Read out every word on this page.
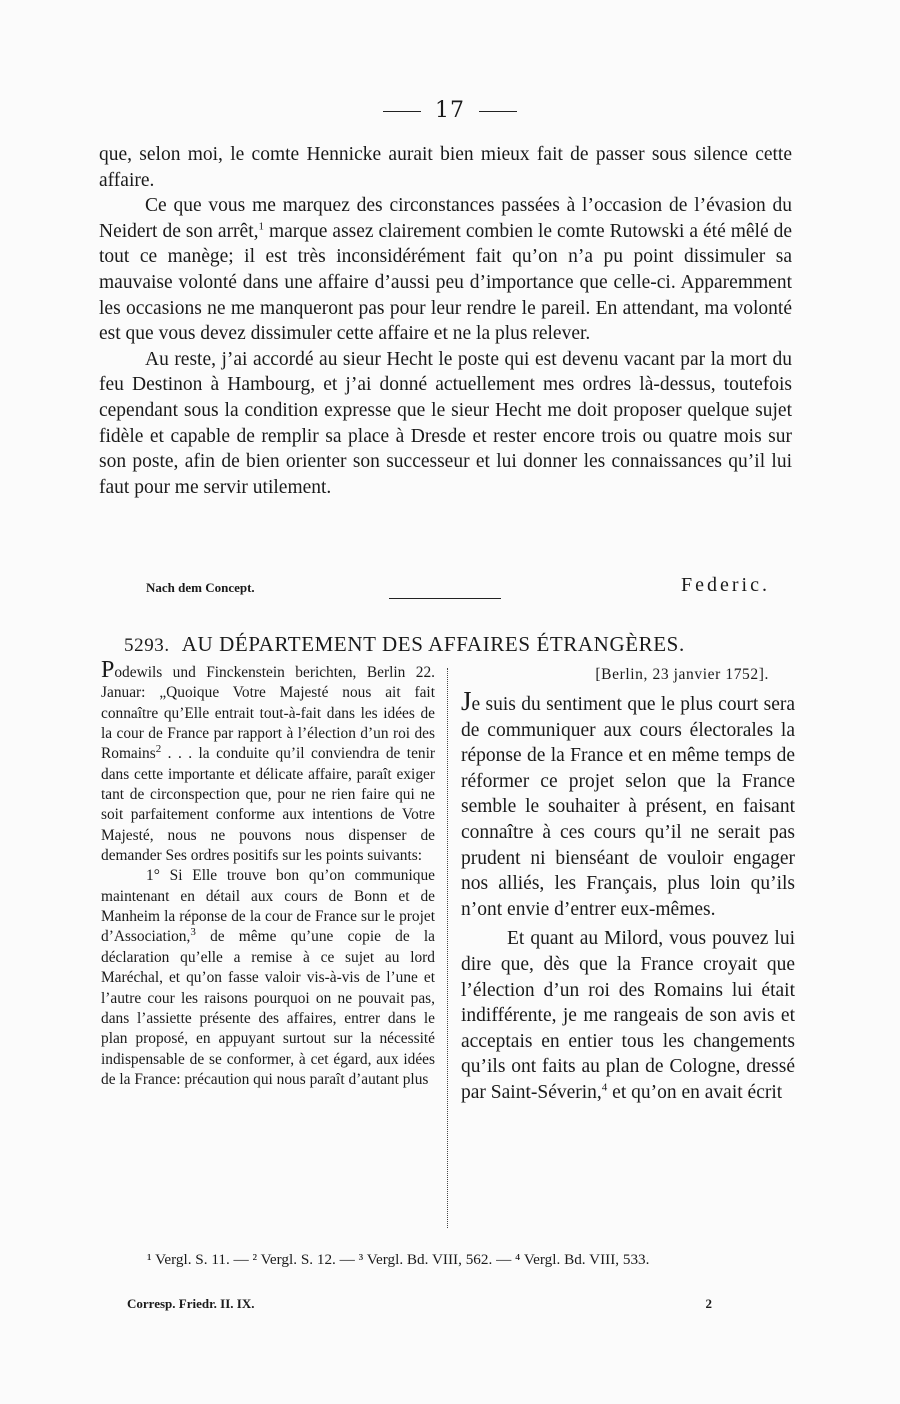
17

que, selon moi, le comte Hennicke aurait bien mieux fait de passer sous silence cette affaire.

Ce que vous me marquez des circonstances passées à l’occasion de l’évasion du Neidert de son arrêt,$^1$ marque assez clairement combien le comte Rutowski a été mêlé de tout ce manège; il est très inconsidérément fait qu’on n’a pu point dissimuler sa mauvaise volonté dans une affaire d’aussi peu d’importance que celle-ci. Apparemment les occasions ne me manqueront pas pour leur rendre le pareil. En attendant, ma volonté est que vous devez dissimuler cette affaire et ne la plus relever.

Au reste, j’ai accordé au sieur Hecht le poste qui est devenu vacant par la mort du feu Destinon à Hambourg, et j’ai donné actuellement mes ordres là-dessus, toutefois cependant sous la condition expresse que le sieur Hecht me doit proposer quelque sujet fidèle et capable de remplir sa place à Dresde et rester encore trois ou quatre mois sur son poste, afin de bien orienter son successeur et lui donner les connaissances qu’il lui faut pour me servir utilement.

Nach dem Concept.	Federic.
5293. AU DÉPARTEMENT DES AFFAIRES ÉTRANGÈRES.

Podewils und Finckenstein berichten, Berlin 22. Januar: „Quoique Votre Majesté nous ait fait connaître qu’Elle entrait tout-à-fait dans les idées de la cour de France par rapport à l’élection d’un roi des Romains$^2$ . . . la conduite qu’il conviendra de tenir dans cette importante et délicate affaire, paraît exiger tant de circonspection que, pour ne rien faire qui ne soit parfaitement conforme aux intentions de Votre Majesté, nous ne pouvons nous dispenser de demander Ses ordres positifs sur les points suivants:

1° Si Elle trouve bon qu’on communique maintenant en détail aux cours de Bonn et de Manheim la réponse de la cour de France sur le projet d’Association,$^3$ de même qu’une copie de la déclaration qu’elle a remise à ce sujet au lord Maréchal, et qu’on fasse valoir vis-à-vis de l’une et l’autre cour les raisons pourquoi on ne pouvait pas, dans l’assiette présente des affaires, entrer dans le plan proposé, en appuyant surtout sur la nécessité indispensable de se conformer, à cet égard, aux idées de la France: précaution qui nous paraît d’autant plus

[Berlin, 23 janvier 1752].

Je suis du sentiment que le plus court sera de communiquer aux cours électorales la réponse de la France et en même temps de réformer ce projet selon que la France semble le souhaiter à présent, en faisant connaître à ces cours qu’il ne serait pas prudent ni bienséant de vouloir engager nos alliés, les Français, plus loin qu’ils n’ont envie d’entrer eux-mêmes.

Et quant au Milord, vous pouvez lui dire que, dès que la France croyait que l’élection d’un roi des Romains lui était indifférente, je me rangeais de son avis et acceptais en entier tous les changements qu’ils ont faits au plan de Cologne, dressé par Saint-Séverin,$^4$ et qu’on en avait écrit

¹ Vergl. S. 11. — ² Vergl. S. 12. — ³ Vergl. Bd. VIII, 562. — ⁴ Vergl. Bd. VIII, 533.

Corresp. Friedr. II. IX.	2
